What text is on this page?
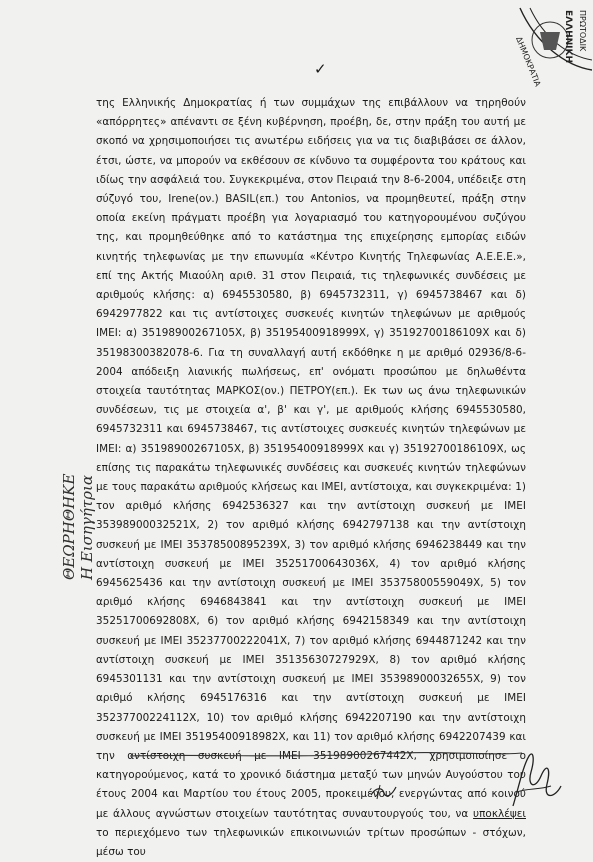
ΔΗΜΟΚΡΑΤΙΑ ΕΛΛΗΝΙΚΗ ΠΡΩΤΟΔΙΚ
✓

της Ελληνικής Δημοκρατίας ή των συμμάχων της επιβάλλουν να τηρηθούν «απόρρητες» απέναντι σε ξένη κυβέρνηση, προέβη, δε, στην πράξη του αυτή με σκοπό να χρησιμοποιήσει τις ανωτέρω ειδήσεις για να τις διαβιβάσει σε άλλον, έτσι, ώστε, να μπορούν να εκθέσουν σε κίνδυνο τα συμφέροντα του κράτους και ιδίως την ασφάλειά του. Συγκεκριμένα, στον Πειραιά την 8-6-2004, υπέδειξε στη σύζυγό του, Irene(ον.) BASIL(επ.) του Antonios, να προμηθευτεί, πράξη στην οποία εκείνη πράγματι προέβη για λογαριασμό του κατηγορουμένου συζύγου της, και προμηθεύθηκε από το κατάστημα της επιχείρησης εμπορίας ειδών κινητής τηλεφωνίας με την επωνυμία «Κέντρο Κινητής Τηλεφωνίας Α.Ε.Ε.Ε.», επί της Ακτής Μιαούλη αριθ. 31 στον Πειραιά, τις τηλεφωνικές συνδέσεις με αριθμούς κλήσης: α) 6945530580, β) 6945732311, γ) 6945738467 και δ) 6942977822 και τις αντίστοιχες συσκευές κινητών τηλεφώνων με αριθμούς ΙΜΕΙ: α) 35198900267105Χ, β) 35195400918999Χ, γ) 35192700186109Χ και δ) 35198300382078-6. Για τη συναλλαγή αυτή εκδόθηκε η με αριθμό 02936/8-6-2004 απόδειξη λιανικής πωλήσεως, επ' ονόματι προσώπου με δηλωθέντα στοιχεία ταυτότητας ΜΑΡΚΟΣ(ον.) ΠΕΤΡΟΥ(επ.). Εκ των ως άνω τηλεφωνικών συνδέσεων, τις με στοιχεία α', β' και γ', με αριθμούς κλήσης 6945530580, 6945732311 και 6945738467, τις αντίστοιχες συσκευές κινητών τηλεφώνων με ΙΜΕΙ: α) 35198900267105Χ, β) 35195400918999Χ και γ) 35192700186109Χ, ως επίσης τις παρακάτω τηλεφωνικές συνδέσεις και συσκευές κινητών τηλεφώνων με τους παρακάτω αριθμούς κλήσεως και ΙΜΕΙ, αντίστοιχα, και συγκεκριμένα: 1) τον αριθμό κλήσης 6942536327 και την αντίστοιχη συσκευή με ΙΜΕΙ 35398900032521Χ, 2) τον αριθμό κλήσης 6942797138 και την αντίστοιχη συσκευή με ΙΜΕΙ 35378500895239Χ, 3) τον αριθμό κλήσης 6946238449 και την αντίστοιχη συσκευή με ΙΜΕΙ 35251700643036Χ, 4) τον αριθμό κλήσης 6945625436 και την αντίστοιχη συσκευή με ΙΜΕΙ 35375800559049Χ, 5) τον αριθμό κλήσης 6946843841 και την αντίστοιχη συσκευή με ΙΜΕΙ 35251700692808Χ, 6) τον αριθμό κλήσης 6942158349 και την αντίστοιχη συσκευή με ΙΜΕΙ 35237700222041Χ, 7) τον αριθμό κλήσης 6944871242 και την αντίστοιχη συσκευή με ΙΜΕΙ 35135630727929Χ, 8) τον αριθμό κλήσης 6945301131 και την αντίστοιχη συσκευή με ΙΜΕΙ 35398900032655Χ, 9) τον αριθμό κλήσης 6945176316 και την αντίστοιχη συσκευή με ΙΜΕΙ 35237700224112Χ, 10) τον αριθμό κλήσης 6942207190 και την αντίστοιχη συσκευή με ΙΜΕΙ 35195400918982Χ, και 11) τον αριθμό κλήσης 6942207439 και την αντίστοιχη συσκευή με ΙΜΕΙ 35198900267442Χ, χρησιμοποίησε ο κατηγορούμενος, κατά το χρονικό διάστημα μεταξύ των μηνών Αυγούστου του έτους 2004 και Μαρτίου του έτους 2005, προκειμένου, ενεργώντας από κοινού με άλλους αγνώστων στοιχείων ταυτότητας συναυτουργούς του, να υποκλέψει το περιεχόμενο των τηλεφωνικών επικοινωνιών τρίτων προσώπων - στόχων, μέσω του

ΘΕΩΡΗΘΗΚΕ Η Εισηγήτρια
